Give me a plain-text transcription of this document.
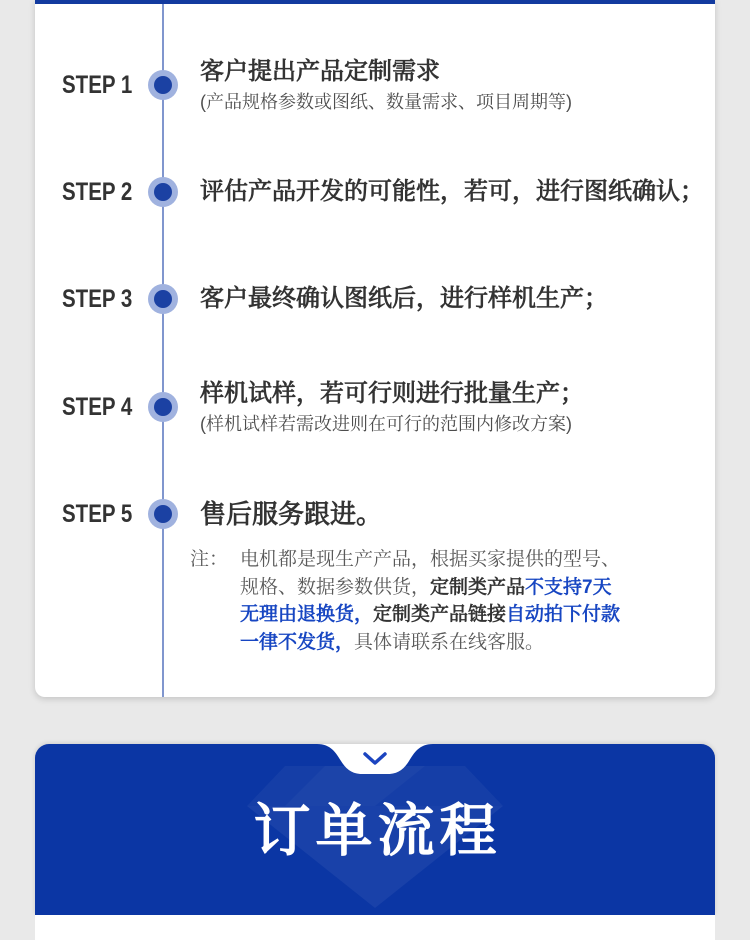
STEP 1	客户提出产品定制需求
(产品规格参数或图纸、数量需求、项目周期等)
STEP 2	评估产品开发的可能性，若可，进行图纸确认；
STEP 3	客户最终确认图纸后，进行样机生产；
STEP 4	样机试样，若可行则进行批量生产；
(样机试样若需改进则在可行的范围内修改方案)
STEP 5	售后服务跟进。
注： 电机都是现生产产品，根据买家提供的型号、
规格、数据参数供货，定制类产品不支持7天
无理由退换货，定制类产品链接自动拍下付款
一律不发货，具体请联系在线客服。
订单流程
